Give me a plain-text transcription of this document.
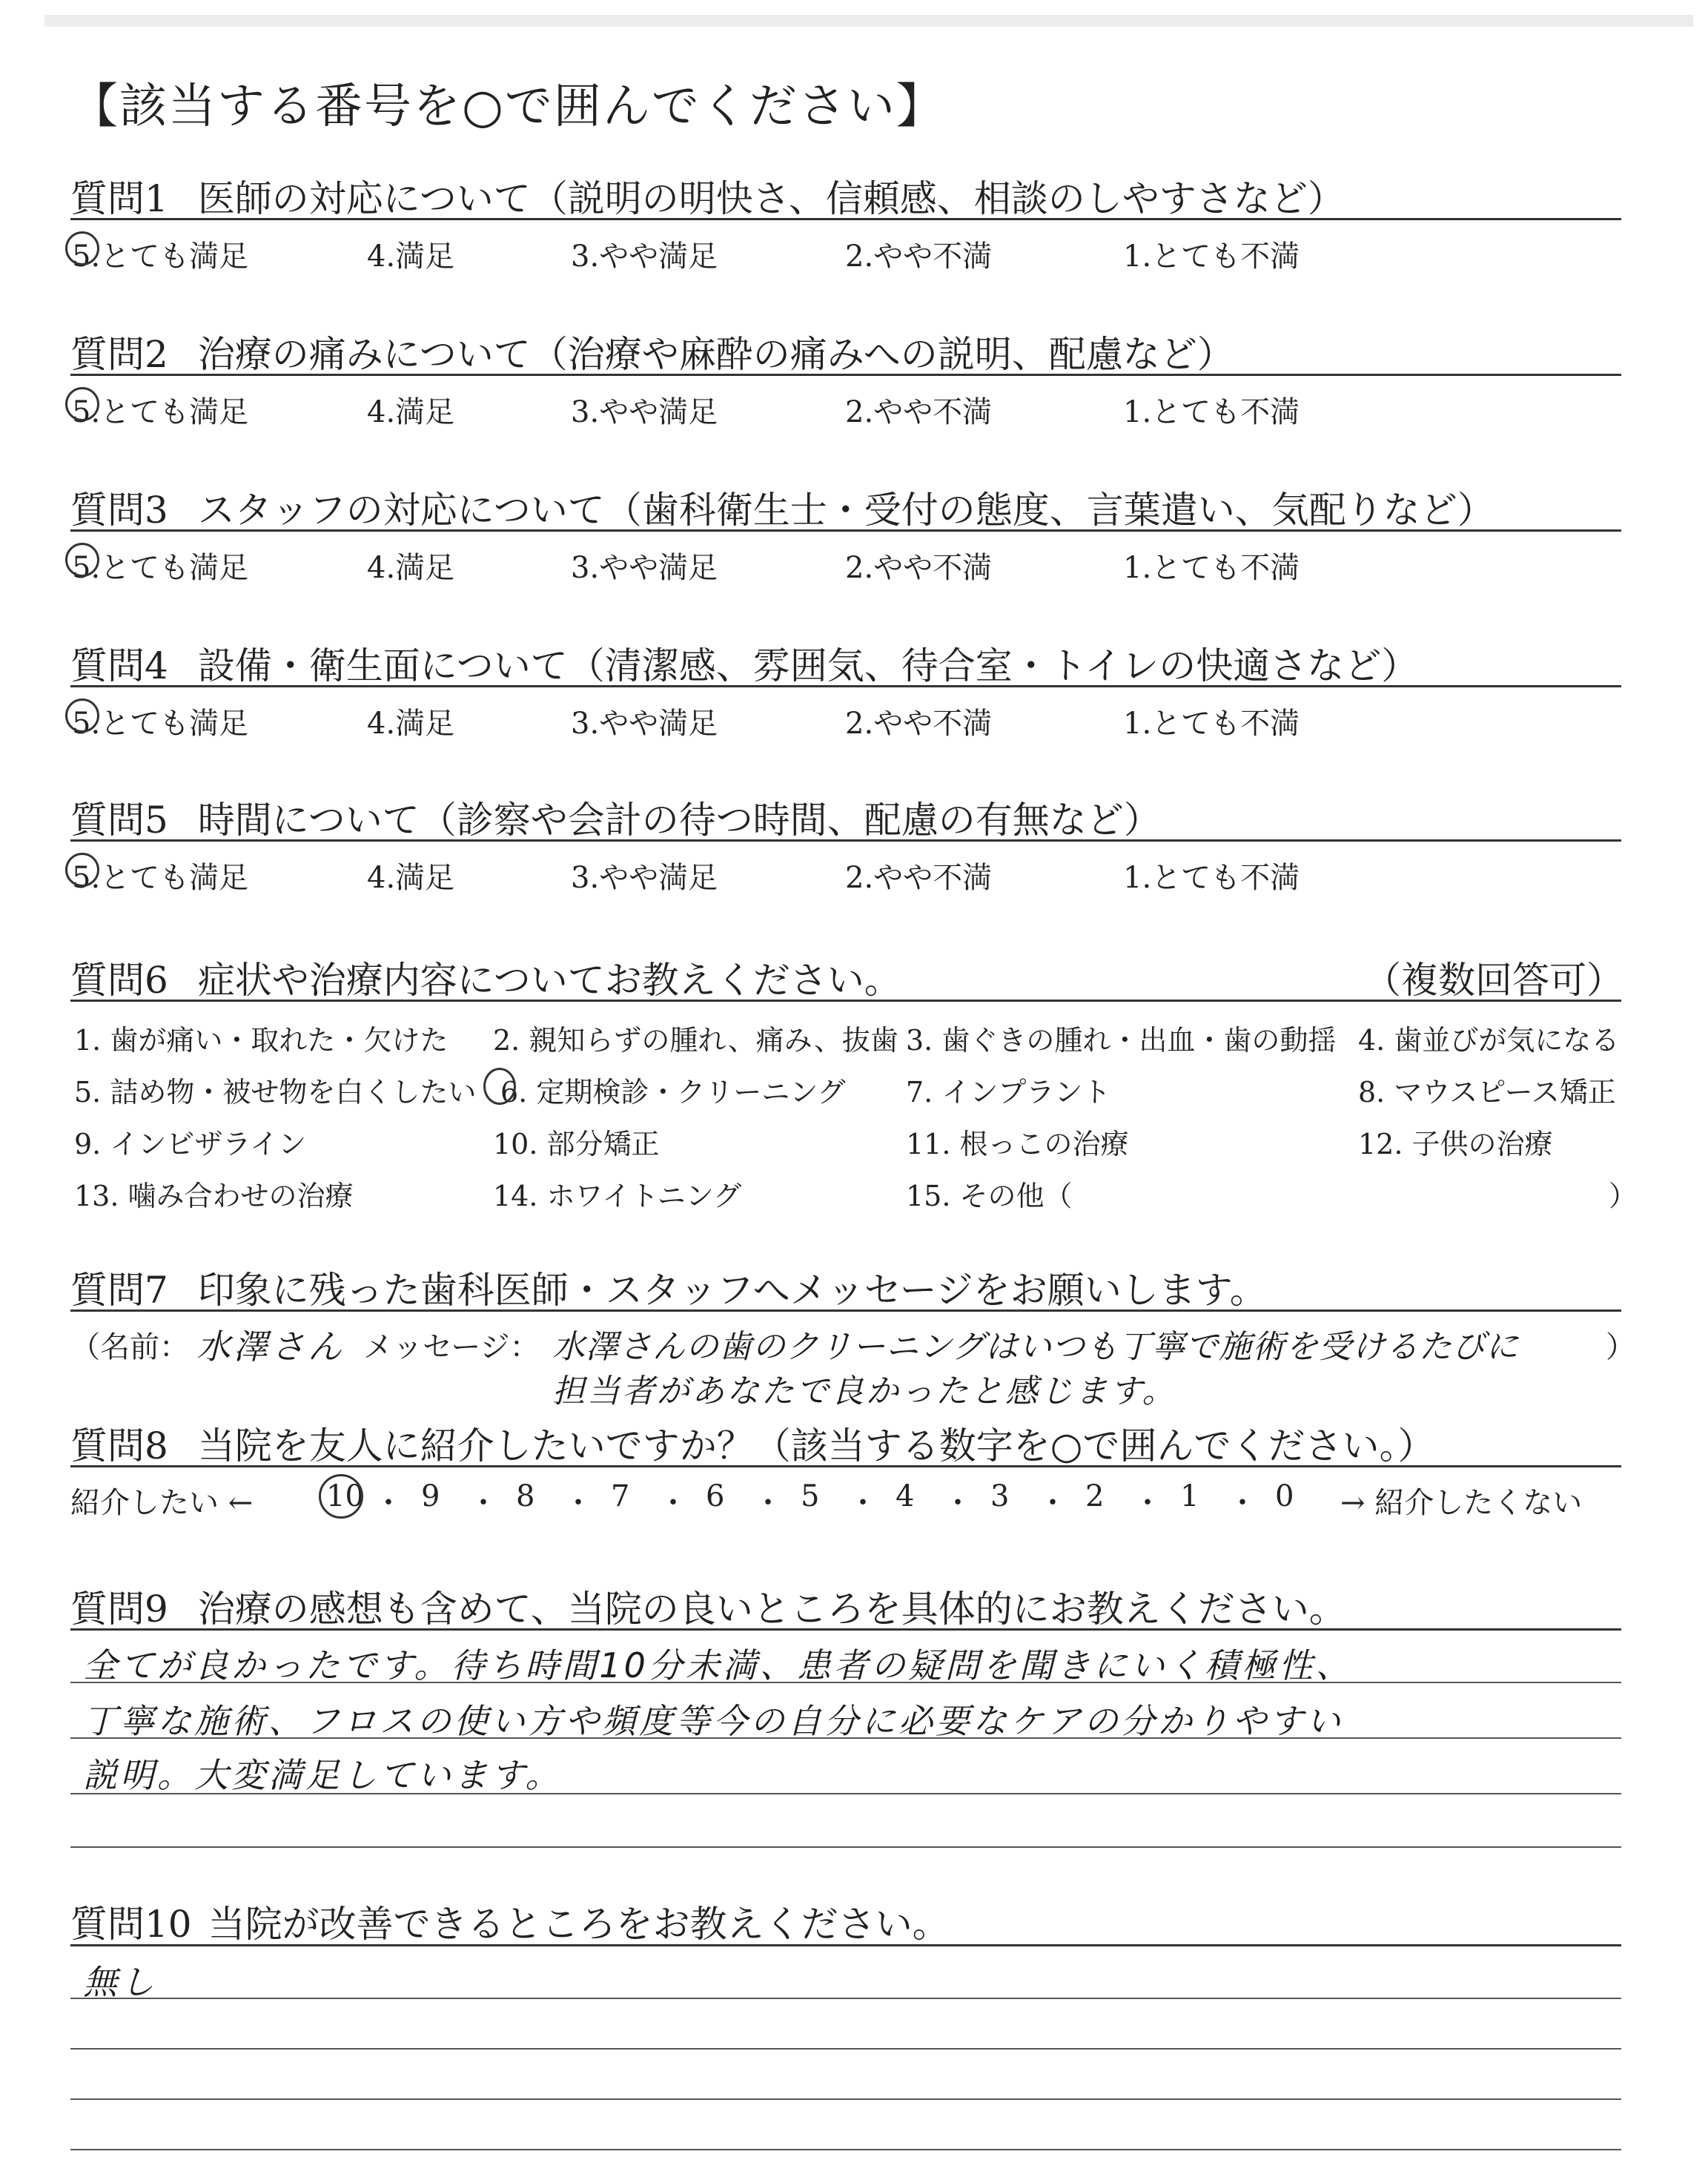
【該当する番号を○で囲んでください】
質問1 医師の対応について（説明の明快さ、信頼感、相談のしやすさなど）
5.とても満足	4.満足	3.やや満足	2.やや不満	1.とても不満
質問2 治療の痛みについて（治療や麻酔の痛みへの説明、配慮など）
5.とても満足	4.満足	3.やや満足	2.やや不満	1.とても不満
質問3 スタッフの対応について（歯科衛生士・受付の態度、言葉遣い、気配りなど）
5.とても満足	4.満足	3.やや満足	2.やや不満	1.とても不満
質問4 設備・衛生面について（清潔感、雰囲気、待合室・トイレの快適さなど）
5.とても満足	4.満足	3.やや満足	2.やや不満	1.とても不満
質問5 時間について（診察や会計の待つ時間、配慮の有無など）
5.とても満足	4.満足	3.やや満足	2.やや不満	1.とても不満
質問6 症状や治療内容についてお教えください。	（複数回答可）
1. 歯が痛い・取れた・欠けた 2. 親知らずの腫れ、痛み、抜歯 3. 歯ぐきの腫れ・出血・歯の動揺 4. 歯並びが気になる
5. 詰め物・被せ物を白くしたい 6. 定期検診・クリーニング 7. インプラント	8. マウスピース矯正
9. インビザライン	10. 部分矯正	11. 根っこの治療	12. 子供の治療
13. 噛み合わせの治療	14. ホワイトニング	15. その他（	）
質問7 印象に残った歯科医師・スタッフへメッセージをお願いします。
（名前： 水澤さん メッセージ： 水澤さんの歯のクリーニングはいつも丁寧で施術を受けるたびに	）
担当者があなたで良かったと感じます。
質問8 当院を友人に紹介したいですか？（該当する数字を○で囲んでください。）
紹介したい ← 10 ・ 9 ・ 8 ・ 7 ・ 6 ・ 5 ・ 4 ・ 3 ・ 2 ・ 1 ・ 0 → 紹介したくない
質問9 治療の感想も含めて、当院の良いところを具体的にお教えください。
全てが良かったです。待ち時間10分未満、患者の疑問を聞きにいく積極性、
丁寧な施術、フロスの使い方や頻度等今の自分に必要なケアの分かりやすい
説明。大変満足しています。
質問10 当院が改善できるところをお教えください。
無し
